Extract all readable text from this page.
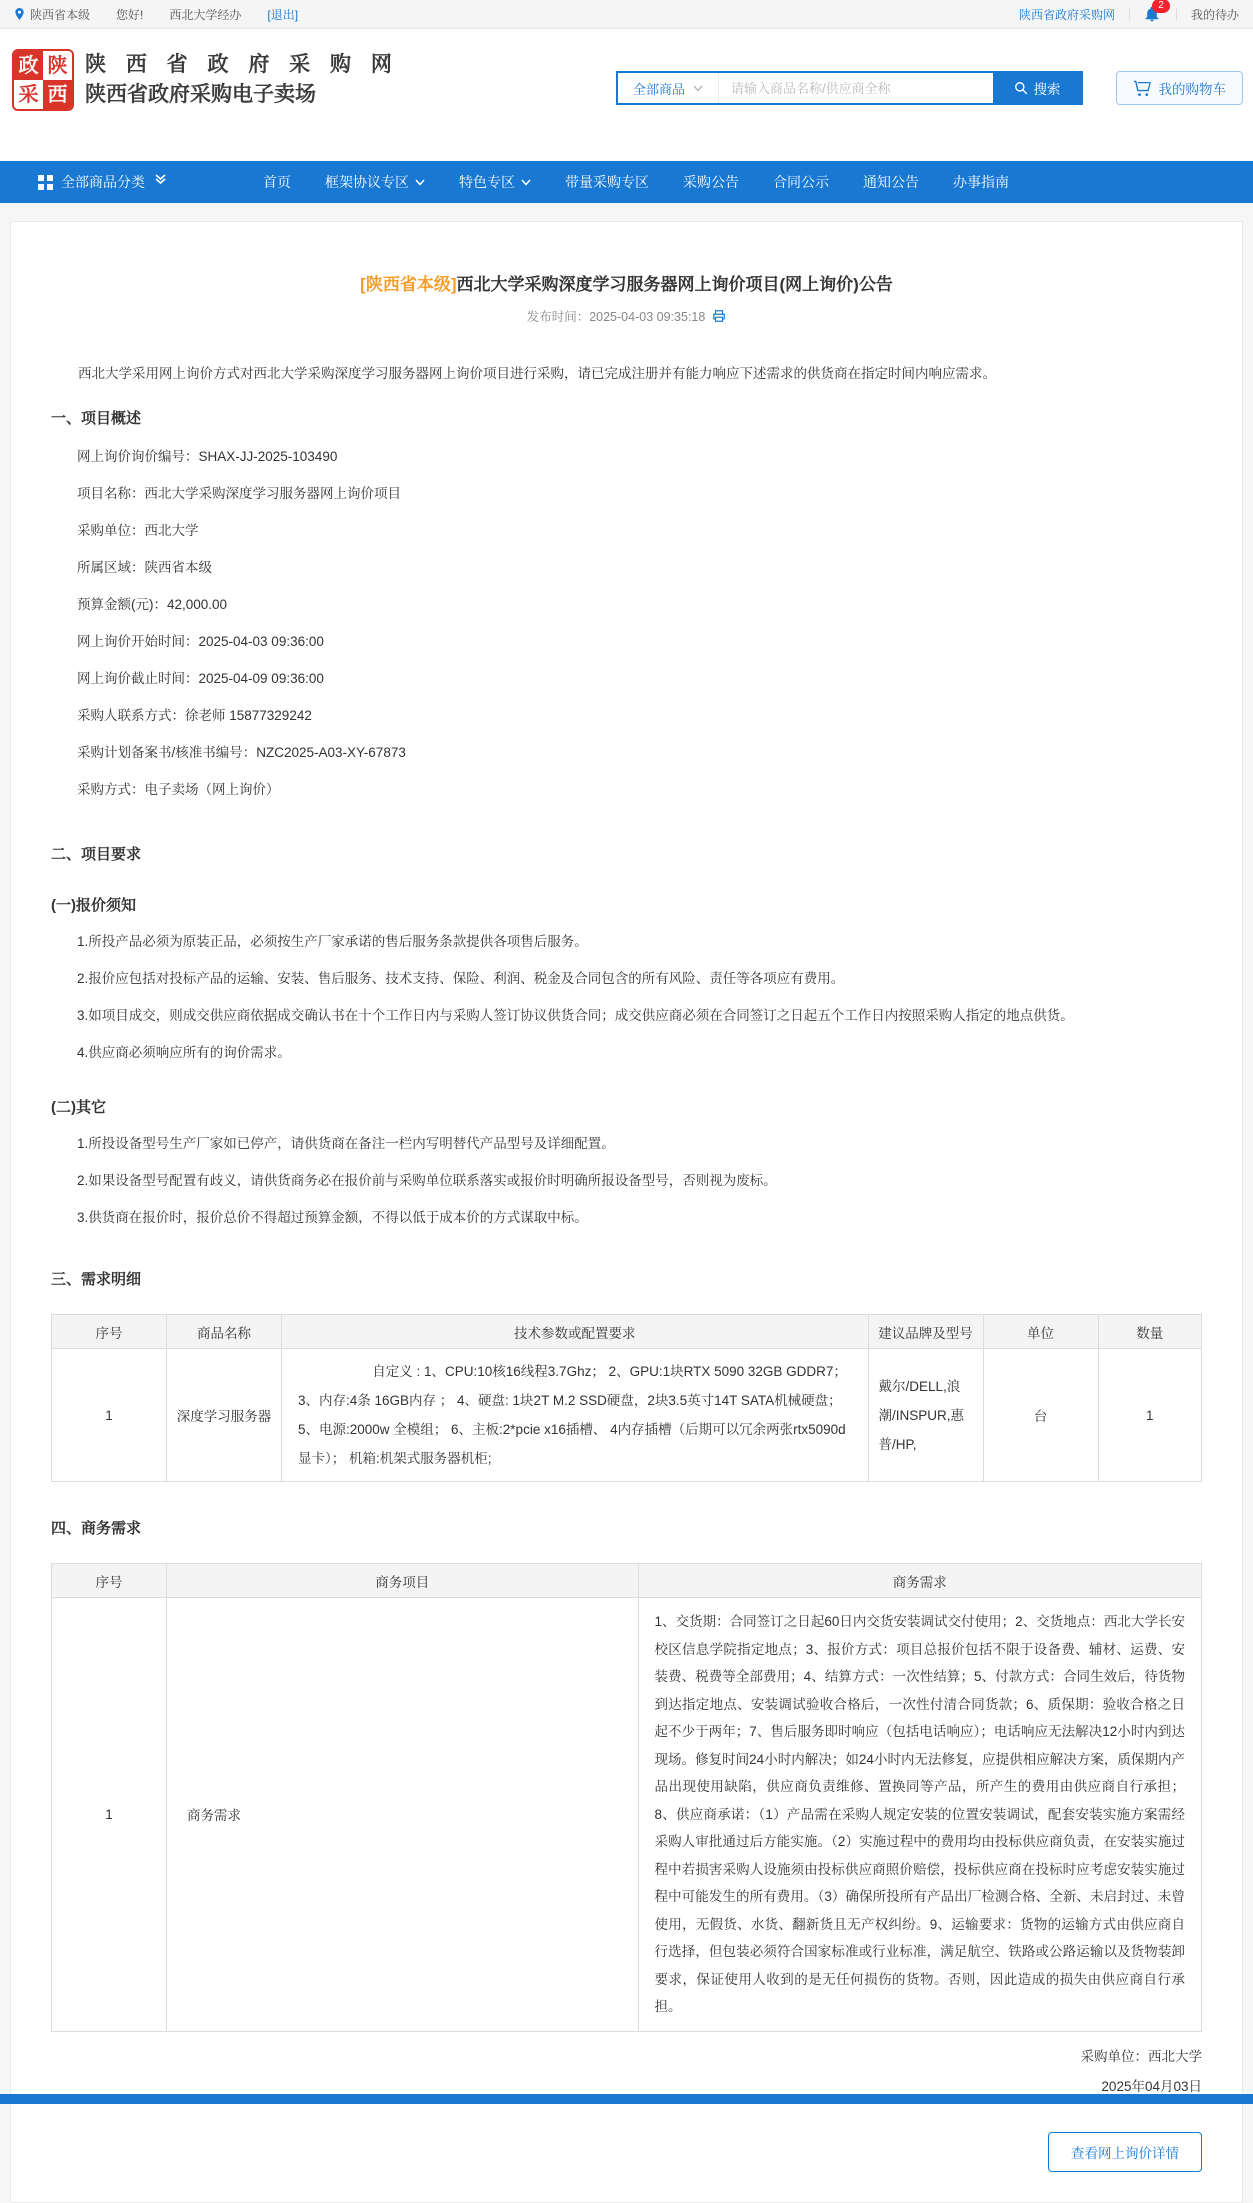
陕西省本级 您好! 西北大学经办 [退出]	陕西省政府采购网
2
我的待办
政 陕
采 西
陕 西 省 政 府 采 购 网
陕西省政府采购电子卖场	全部商品
请输入商品名称/供应商全称	搜索	我的购物车
全部商品分类	首页 框架协议专区	特色专区	带量采购专区 采购公告 合同公示 通知公告 办事指南
[陕西省本级]西北大学采购深度学习服务器网上询价项目(网上询价)公告
发布时间：2025-04-03 09:35:18

西北大学采用网上询价方式对西北大学采购深度学习服务器网上询价项目进行采购，请已完成注册并有能力响应下述需求的供货商在指定时间内响应需求。

一、项目概述
网上询价询价编号：SHAX-JJ-2025-103490
项目名称：西北大学采购深度学习服务器网上询价项目
采购单位：西北大学
所属区域：陕西省本级
预算金额(元)：42,000.00
网上询价开始时间：2025-04-03 09:36:00
网上询价截止时间：2025-04-09 09:36:00
采购人联系方式：徐老师 15877329242
采购计划备案书/核准书编号：NZC2025-A03-XY-67873
采购方式：电子卖场（网上询价）
二、项目要求
(一)报价须知

1.所投产品必须为原装正品，必须按生产厂家承诺的售后服务条款提供各项售后服务。

2.报价应包括对投标产品的运输、安装、售后服务、技术支持、保险、利润、税金及合同包含的所有风险、责任等各项应有费用。

3.如项目成交，则成交供应商依据成交确认书在十个工作日内与采购人签订协议供货合同；成交供应商必须在合同签订之日起五个工作日内按照采购人指定的地点供货。

4.供应商必须响应所有的询价需求。

(二)其它

1.所投设备型号生产厂家如已停产，请供货商在备注一栏内写明替代产品型号及详细配置。

2.如果设备型号配置有歧义，请供货商务必在报价前与采购单位联系落实或报价时明确所报设备型号，否则视为废标。

3.供货商在报价时，报价总价不得超过预算金额，不得以低于成本价的方式谋取中标。

三、需求明细
序号	商品名称	技术参数或配置要求	建议品牌及型号	单位	数量
1	深度学习服务器	自定义 : 1、CPU:10核16线程3.7Ghz； 2、GPU:1块RTX 5090 32GB GDDR7； 3、内存:4条 16GB内存 ； 4、硬盘: 1块2T M.2 SSD硬盘，2块3.5英寸14T SATA机械硬盘； 5、电源:2000w 全模组； 6、主板:2*pcie x16插槽、 4内存插槽（后期可以冗余两张rtx5090d显卡）； 机箱:机架式服务器机柜;	戴尔/DELL,浪潮/INSPUR,惠普/HP,	台	1
四、商务需求
序号	商务项目	商务需求
1	商务需求	1、交货期：合同签订之日起60日内交货安装调试交付使用；2、交货地点：西北大学长安校区信息学院指定地点；3、报价方式：项目总报价包括不限于设备费、辅材、运费、安装费、税费等全部费用；4、结算方式：一次性结算；5、付款方式：合同生效后，待货物到达指定地点、安装调试验收合格后，一次性付清合同货款；6、质保期：验收合格之日起不少于两年；7、售后服务即时响应（包括电话响应）；电话响应无法解决12小时内到达现场。修复时间24小时内解决；如24小时内无法修复，应提供相应解决方案，质保期内产品出现使用缺陷，供应商负责维修、置换同等产品，所产生的费用由供应商自行承担；8、供应商承诺：（1）产品需在采购人规定安装的位置安装调试，配套安装实施方案需经采购人审批通过后方能实施。（2）实施过程中的费用均由投标供应商负责，在安装实施过程中若损害采购人设施须由投标供应商照价赔偿，投标供应商在投标时应考虑安装实施过程中可能发生的所有费用。（3）确保所投所有产品出厂检测合格、全新、未启封过、未曾使用，无假货、水货、翻新货且无产权纠纷。9、运输要求：货物的运输方式由供应商自行选择，但包装必须符合国家标准或行业标准，满足航空、铁路或公路运输以及货物装卸要求，保证使用人收到的是无任何损伤的货物。否则，因此造成的损失由供应商自行承担。
采购单位：西北大学
2025年04月03日
查看网上询价详情
